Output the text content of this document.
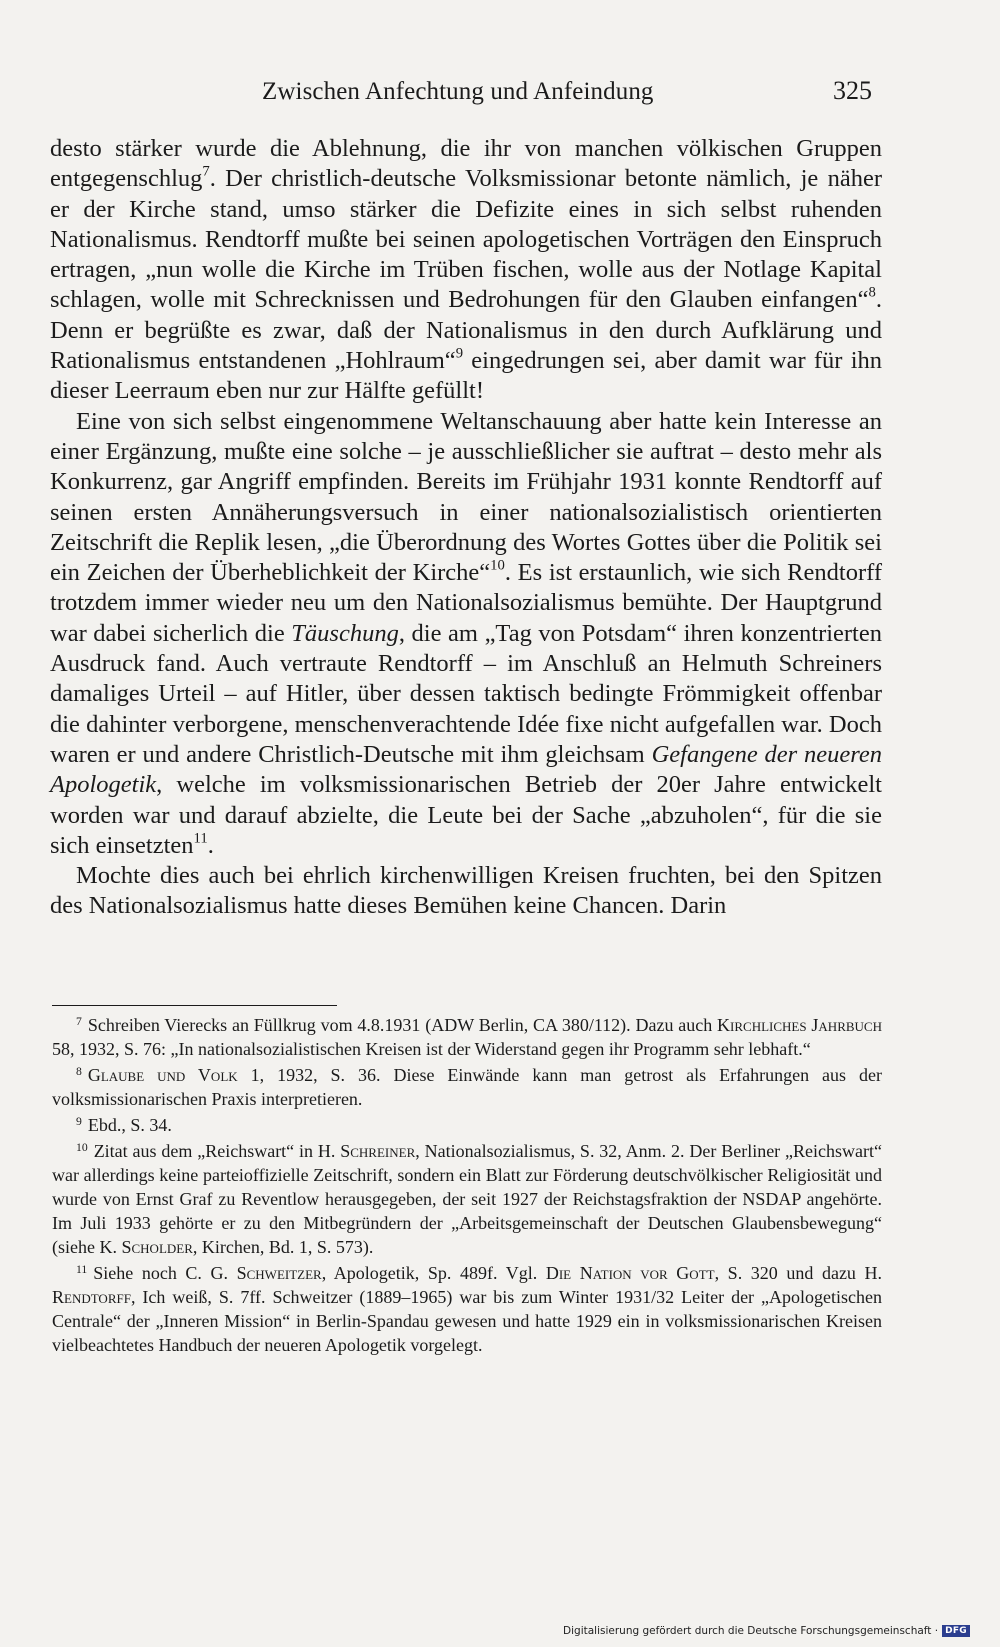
Zwischen Anfechtung und Anfeindung	325

desto stärker wurde die Ablehnung, die ihr von manchen völkischen Gruppen entgegenschlug$^7$. Der christlich-deutsche Volksmissionar betonte nämlich, je näher er der Kirche stand, umso stärker die Defizite eines in sich selbst ruhenden Nationalismus. Rendtorff mußte bei seinen apologetischen Vorträgen den Einspruch ertragen, „nun wolle die Kirche im Trüben fischen, wolle aus der Notlage Kapital schlagen, wolle mit Schrecknissen und Bedrohungen für den Glauben einfangen“$^8$. Denn er begrüßte es zwar, daß der Nationalismus in den durch Aufklärung und Rationalismus entstandenen „Hohlraum“$^9$ eingedrungen sei, aber damit war für ihn dieser Leerraum eben nur zur Hälfte gefüllt!

Eine von sich selbst eingenommene Weltanschauung aber hatte kein Interesse an einer Ergänzung, mußte eine solche – je ausschließlicher sie auftrat – desto mehr als Konkurrenz, gar Angriff empfinden. Bereits im Frühjahr 1931 konnte Rendtorff auf seinen ersten Annäherungsversuch in einer nationalsozialistisch orientierten Zeitschrift die Replik lesen, „die Überordnung des Wortes Gottes über die Politik sei ein Zeichen der Überheblichkeit der Kirche“$^{10}$. Es ist erstaunlich, wie sich Rendtorff trotzdem immer wieder neu um den Nationalsozialismus bemühte. Der Hauptgrund war dabei sicherlich die Täuschung, die am „Tag von Potsdam“ ihren konzentrierten Ausdruck fand. Auch vertraute Rendtorff – im Anschluß an Helmuth Schreiners damaliges Urteil – auf Hitler, über dessen taktisch bedingte Frömmigkeit offenbar die dahinter verborgene, menschenverachtende Idée fixe nicht aufgefallen war. Doch waren er und andere Christlich-Deutsche mit ihm gleichsam Gefangene der neueren Apologetik, welche im volksmissionarischen Betrieb der 20er Jahre entwickelt worden war und darauf abzielte, die Leute bei der Sache „abzuholen“, für die sie sich einsetzten$^{11}$.

Mochte dies auch bei ehrlich kirchenwilligen Kreisen fruchten, bei den Spitzen des Nationalsozialismus hatte dieses Bemühen keine Chancen. Darin

$^7$ Schreiben Vierecks an Füllkrug vom 4.8.1931 (ADW Berlin, CA 380/112). Dazu auch Kirchliches Jahrbuch 58, 1932, S. 76: „In nationalsozialistischen Kreisen ist der Widerstand gegen ihr Programm sehr lebhaft.“

$^8$ Glaube und Volk 1, 1932, S. 36. Diese Einwände kann man getrost als Erfahrungen aus der volksmissionarischen Praxis interpretieren.

$^9$ Ebd., S. 34.

$^{10}$ Zitat aus dem „Reichswart“ in H. Schreiner, Nationalsozialismus, S. 32, Anm. 2. Der Berliner „Reichswart“ war allerdings keine parteioffizielle Zeitschrift, sondern ein Blatt zur Förderung deutschvölkischer Religiosität und wurde von Ernst Graf zu Reventlow herausgegeben, der seit 1927 der Reichstagsfraktion der NSDAP angehörte. Im Juli 1933 gehörte er zu den Mitbegründern der „Arbeitsgemeinschaft der Deutschen Glaubensbewegung“ (siehe K. Scholder, Kirchen, Bd. 1, S. 573).

$^{11}$ Siehe noch C. G. Schweitzer, Apologetik, Sp. 489f. Vgl. Die Nation vor Gott, S. 320 und dazu H. Rendtorff, Ich weiß, S. 7ff. Schweitzer (1889–1965) war bis zum Winter 1931/32 Leiter der „Apologetischen Centrale“ der „Inneren Mission“ in Berlin-Spandau gewesen und hatte 1929 ein in volksmissionarischen Kreisen vielbeachtetes Handbuch der neueren Apologetik vorgelegt.

Digitalisierung gefördert durch die Deutsche Forschungsgemeinschaft · DFG
